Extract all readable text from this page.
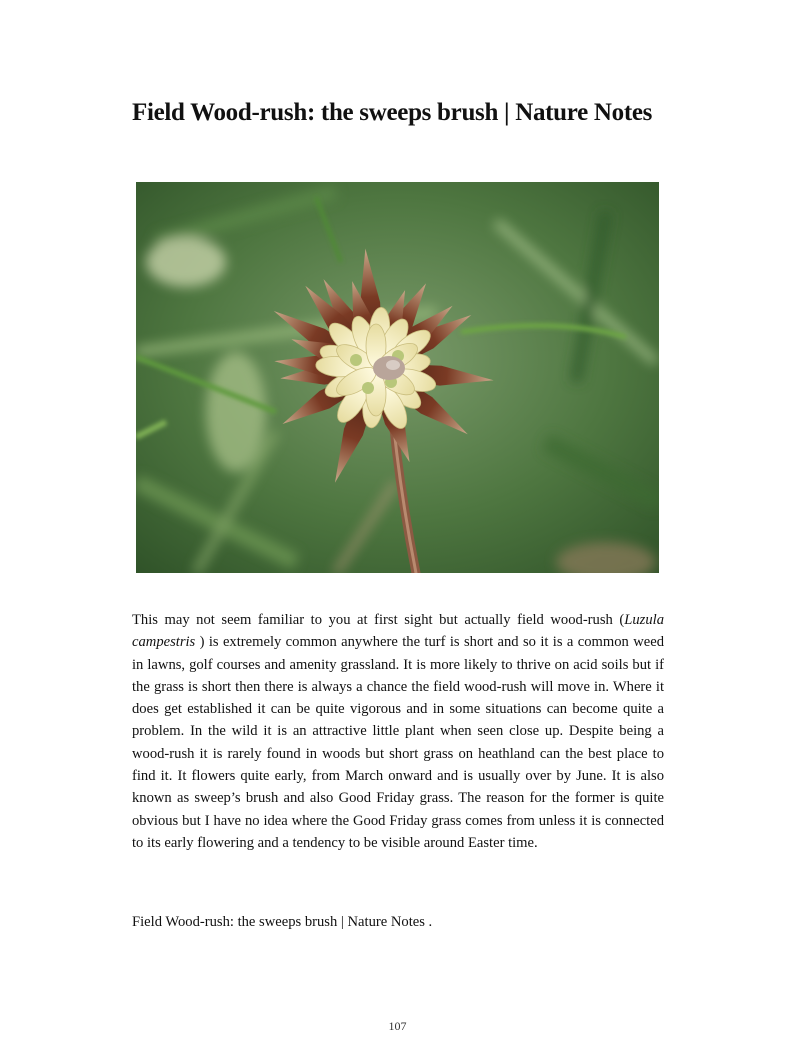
Field Wood-rush: the sweeps brush | Nature Notes

This may not seem familiar to you at first sight but actually field wood-rush (Luzula campestris ) is extremely common anywhere the turf is short and so it is a common weed in lawns, golf courses and amenity grassland. It is more likely to thrive on acid soils but if the grass is short then there is always a chance the field wood-rush will move in. Where it does get established it can be quite vigorous and in some situations can become quite a problem. In the wild it is an attractive little plant when seen close up. Despite being a wood-rush it is rarely found in woods but short grass on heathland can the best place to find it. It flowers quite early, from March onward and is usually over by June. It is also known as sweep’s brush and also Good Friday grass. The reason for the former is quite obvious but I have no idea where the Good Friday grass comes from unless it is connected to its early flowering and a tendency to be visible around Easter time.

Field Wood-rush: the sweeps brush | Nature Notes .

107
